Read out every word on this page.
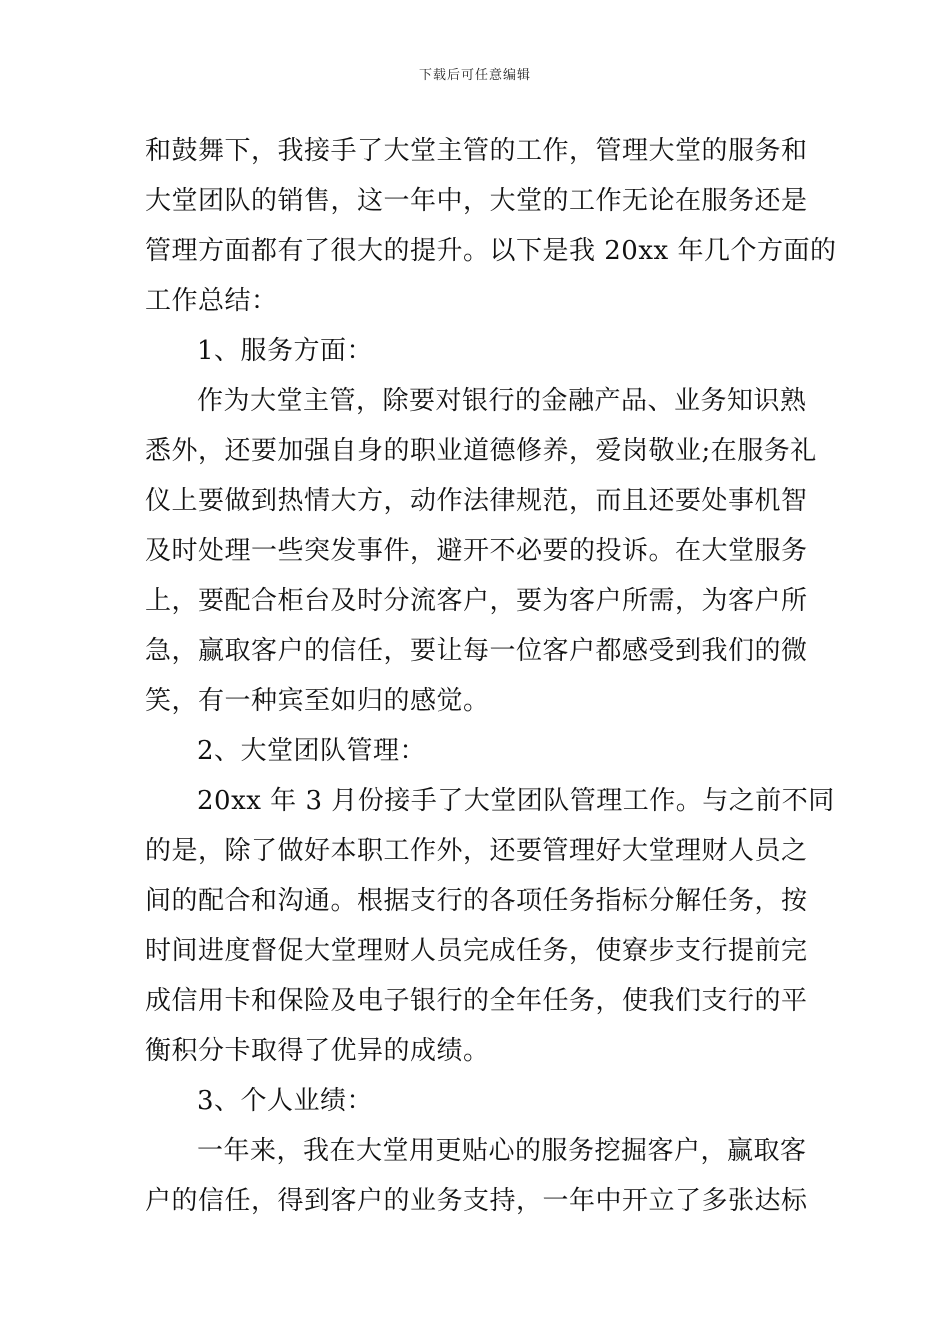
下载后可任意编辑
和鼓舞下，我接手了大堂主管的工作，管理大堂的服务和
大堂团队的销售，这一年中，大堂的工作无论在服务还是
管理方面都有了很大的提升。以下是我 20xx 年几个方面的
工作总结：
1、服务方面：
作为大堂主管，除要对银行的金融产品、业务知识熟
悉外，还要加强自身的职业道德修养，爱岗敬业;在服务礼
仪上要做到热情大方，动作法律规范，而且还要处事机智
及时处理一些突发事件，避开不必要的投诉。在大堂服务
上，要配合柜台及时分流客户，要为客户所需，为客户所
急，赢取客户的信任，要让每一位客户都感受到我们的微
笑，有一种宾至如归的感觉。
2、大堂团队管理：
20xx 年 3 月份接手了大堂团队管理工作。与之前不同
的是，除了做好本职工作外，还要管理好大堂理财人员之
间的配合和沟通。根据支行的各项任务指标分解任务，按
时间进度督促大堂理财人员完成任务，使寮步支行提前完
成信用卡和保险及电子银行的全年任务，使我们支行的平
衡积分卡取得了优异的成绩。
3、个人业绩：
一年来，我在大堂用更贴心的服务挖掘客户，赢取客
户的信任，得到客户的业务支持，一年中开立了多张达标
